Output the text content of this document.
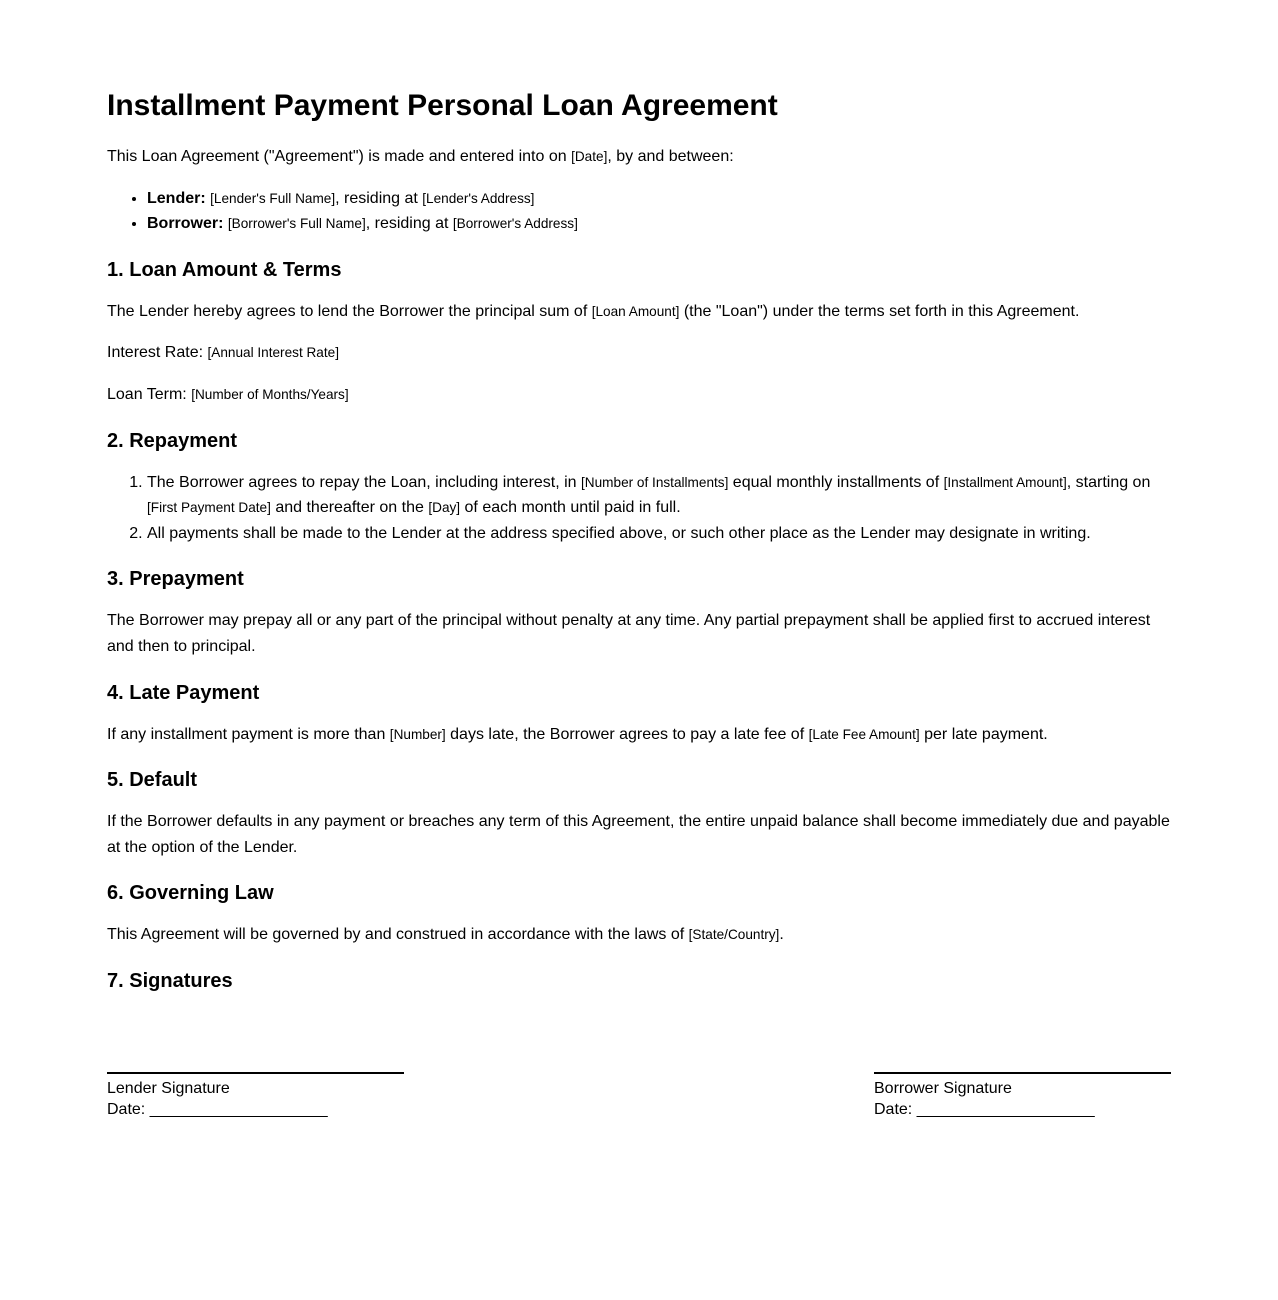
Installment Payment Personal Loan Agreement

This Loan Agreement ("Agreement") is made and entered into on [Date], by and between:

• Lender: [Lender's Full Name], residing at [Lender's Address]
• Borrower: [Borrower's Full Name], residing at [Borrower's Address]
1. Loan Amount & Terms

The Lender hereby agrees to lend the Borrower the principal sum of [Loan Amount] (the "Loan") under the terms set forth in this Agreement.

Interest Rate: [Annual Interest Rate]

Loan Term: [Number of Months/Years]

2. Repayment
1. The Borrower agrees to repay the Loan, including interest, in [Number of Installments] equal monthly installments of [Installment Amount], starting on [First Payment Date] and thereafter on the [Day] of each month until paid in full.
2. All payments shall be made to the Lender at the address specified above, or such other place as the Lender may designate in writing.
3. Prepayment

The Borrower may prepay all or any part of the principal without penalty at any time. Any partial prepayment shall be applied first to accrued interest and then to principal.

4. Late Payment

If any installment payment is more than [Number] days late, the Borrower agrees to pay a late fee of [Late Fee Amount] per late payment.

5. Default

If the Borrower defaults in any payment or breaches any term of this Agreement, the entire unpaid balance shall become immediately due and payable at the option of the Lender.

6. Governing Law

This Agreement will be governed by and construed in accordance with the laws of [State/Country].

7. Signatures
Lender Signature
Date: ____________________
Borrower Signature
Date: ____________________
